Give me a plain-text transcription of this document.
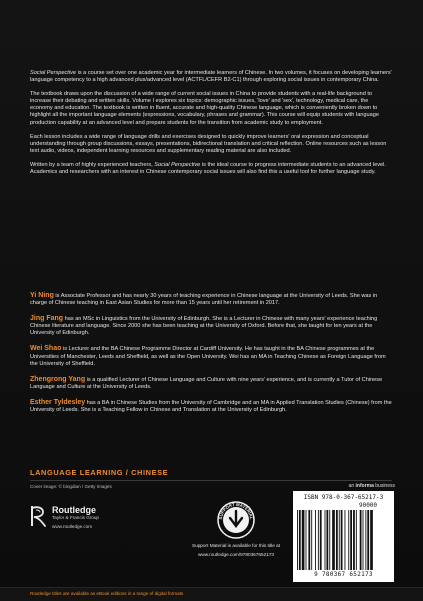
Social Perspective is a course set over one academic year for intermediate learners of Chinese. In two volumes, it focuses on developing learners' language competency to a high advanced plus/advanced level (ACTFL/CEFR B2-C1) through exploring social issues in contemporary China.

The textbook draws upon the discussion of a wide range of current social issues in China to provide students with a real-life background to increase their debating and written skills. Volume I explores six topics: demographic issues, 'love' and 'sex', technology, medical care, the economy and education. The textbook is written in fluent, accurate and high-quality Chinese language, which is conveniently broken down to highlight all the important language elements (expressions, vocabulary, phrases and grammar). This course will equip students with language production capability at an advanced level and prepare students for the transition from academic study to employment.

Each lesson includes a wide range of language drills and exercises designed to quickly improve learners' oral expression and conceptual understanding through group discussions, essays, presentations, bidirectional translation and critical reflection. Online resources such as lesson text audio, videos, independent learning resources and supplementary reading material are also included.

Written by a team of highly experienced teachers, Social Perspective is the ideal course to progress intermediate students to an advanced level. Academics and researchers with an interest in Chinese contemporary social issues will also find this a useful tool for further language study.

Yi Ning is Associate Professor and has nearly 30 years of teaching experience in Chinese language at the University of Leeds. She was in charge of Chinese teaching in East Asian Studies for more than 15 years until her retirement in 2017.

Jing Fang has an MSc in Linguistics from the University of Edinburgh. She is a Lecturer in Chinese with many years' experience teaching Chinese literature and language. Since 2000 she has been teaching at the University of Oxford. Before that, she taught for ten years at the University of Edinburgh.

Wei Shao is Lecturer and the BA Chinese Programme Director at Cardiff University. He has taught in the BA Chinese programmes at the Universities of Manchester, Leeds and Sheffield, as well as the Open University. Wei has an MA in Teaching Chinese as Foreign Language from the University of Sheffield.

Zhengrong Yang is a qualified Lecturer of Chinese Language and Culture with nine years' experience, and is currently a Tutor of Chinese Language and Culture at the University of Leeds.

Esther Tyldesley has a BA in Chinese Studies from the University of Cambridge and an MA in Applied Translation Studies (Chinese) from the University of Leeds. She is a Teaching Fellow in Chinese and Translation at the University of Edinburgh.

LANGUAGE LEARNING / CHINESE
Cover image: © bingdian / Getty Images
Routledge
Taylor & Francis Group
www.routledge.com
SUPPORT MATERIAL
Support Material is available for this title at
www.routledge.com/9780367652173
an informa business
ISBN 978-0-367-65217-3
90000
9 780367 652173
Routledge titles are available as eBook editions in a range of digital formats
